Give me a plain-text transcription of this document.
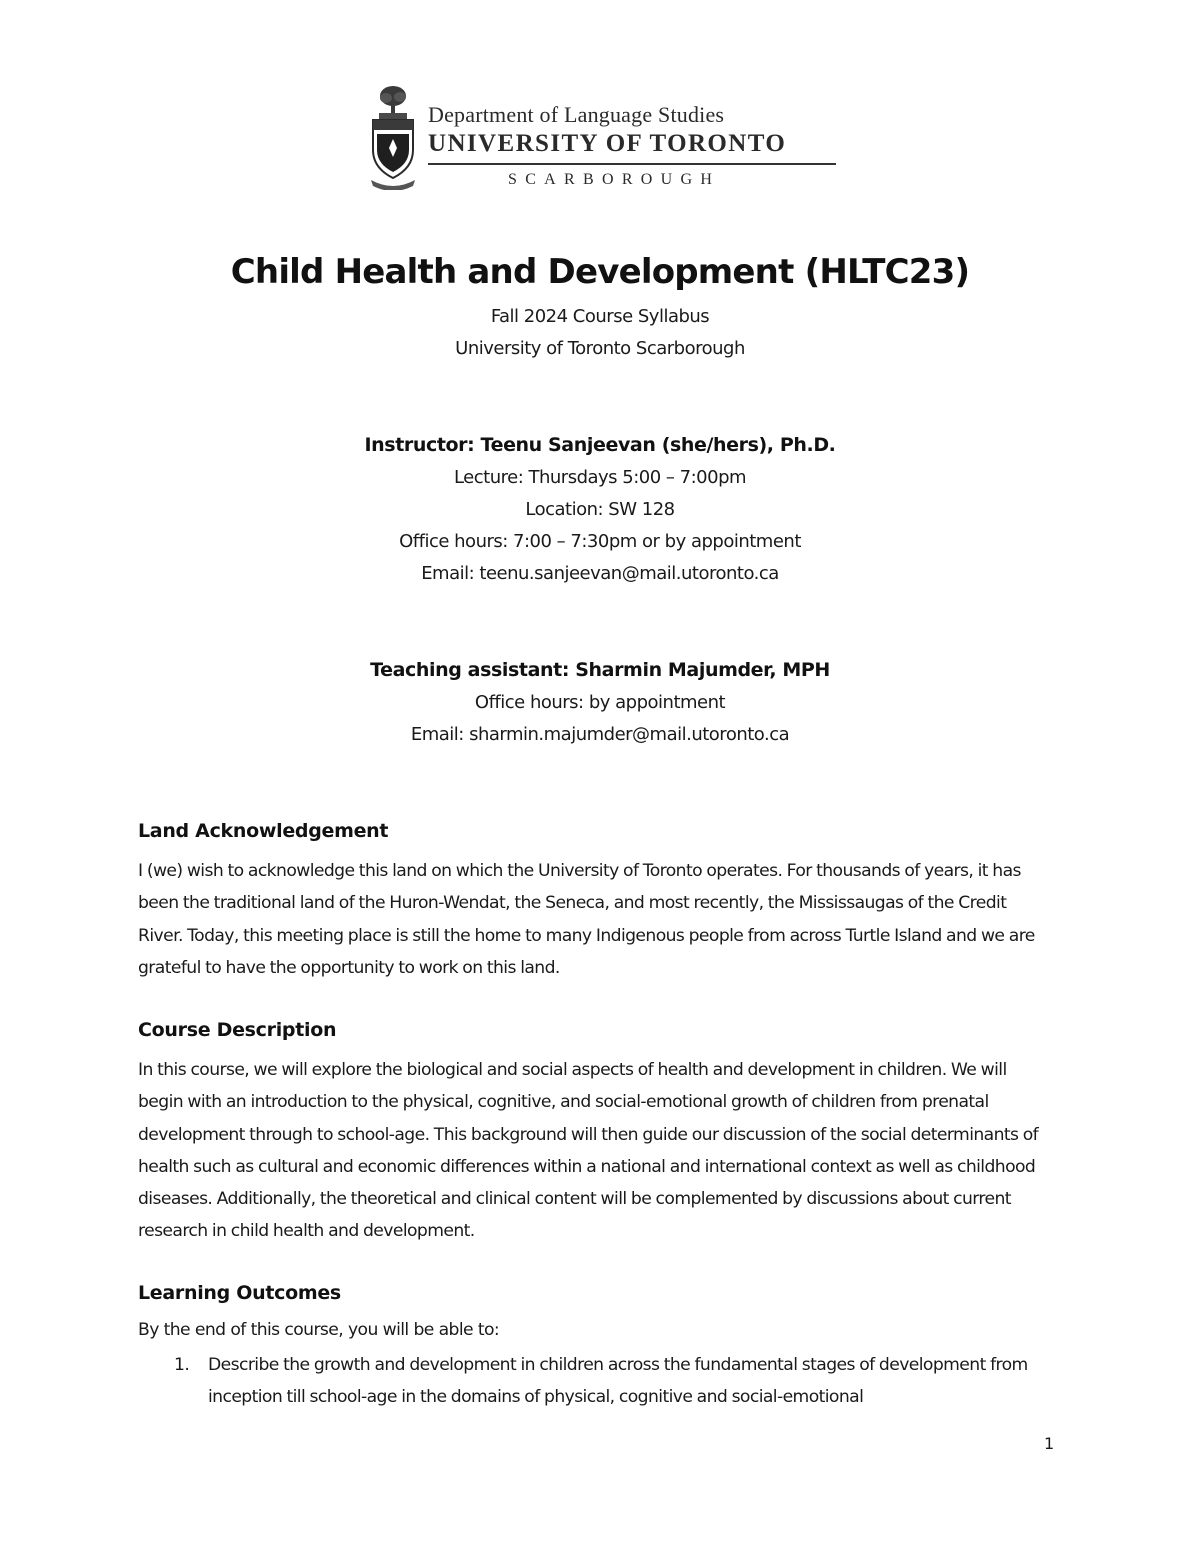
Department of Language Studies
UNIVERSITY OF TORONTO
SCARBOROUGH
Child Health and Development (HLTC23)
Fall 2024 Course Syllabus
University of Toronto Scarborough
Instructor: Teenu Sanjeevan (she/hers), Ph.D.
Lecture: Thursdays 5:00 – 7:00pm
Location: SW 128
Office hours: 7:00 – 7:30pm or by appointment
Email: teenu.sanjeevan@mail.utoronto.ca
Teaching assistant: Sharmin Majumder, MPH
Office hours: by appointment
Email: sharmin.majumder@mail.utoronto.ca
Land Acknowledgement
I (we) wish to acknowledge this land on which the University of Toronto operates. For thousands of years, it has been the traditional land of the Huron-Wendat, the Seneca, and most recently, the Mississaugas of the Credit River. Today, this meeting place is still the home to many Indigenous people from across Turtle Island and we are grateful to have the opportunity to work on this land.
Course Description
In this course, we will explore the biological and social aspects of health and development in children. We will begin with an introduction to the physical, cognitive, and social-emotional growth of children from prenatal development through to school-age. This background will then guide our discussion of the social determinants of health such as cultural and economic differences within a national and international context as well as childhood diseases. Additionally, the theoretical and clinical content will be complemented by discussions about current research in child health and development.
Learning Outcomes
By the end of this course, you will be able to:
1. Describe the growth and development in children across the fundamental stages of development from inception till school-age in the domains of physical, cognitive and social-emotional
1
